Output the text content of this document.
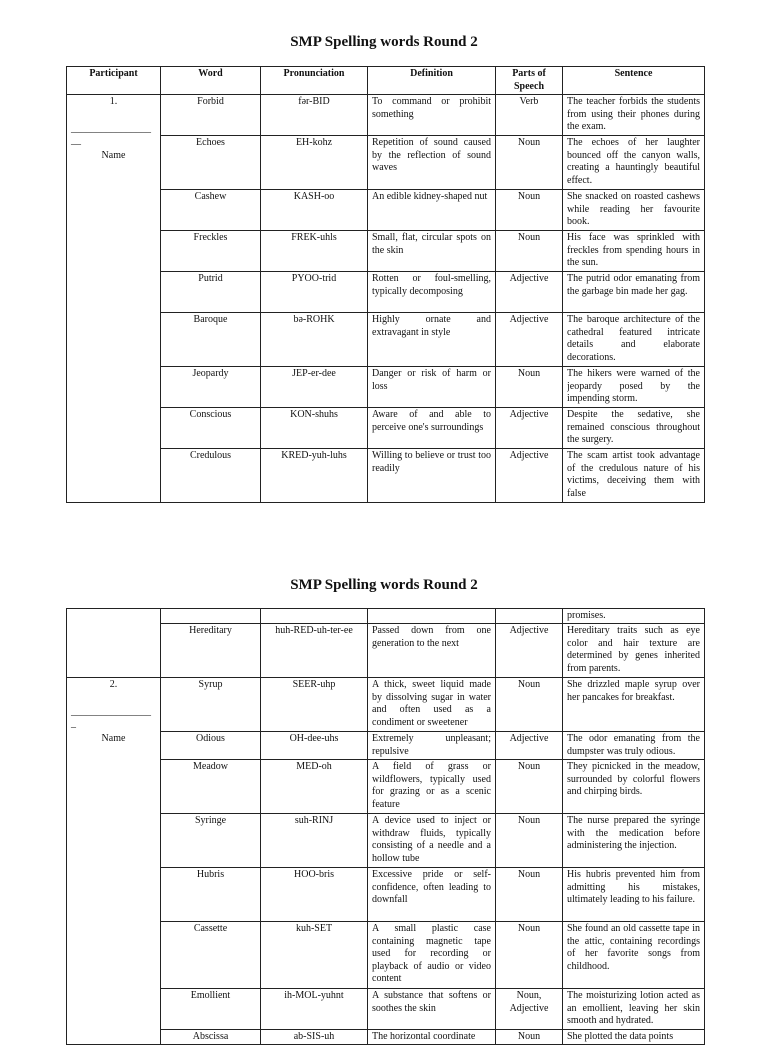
SMP Spelling words Round 2
Participant	Word	Pronunciation	Definition	Parts of Speech	Sentence

1.
________________ __
Name	Forbid	fər-BID	To command or prohibit something	Verb	The teacher forbids the students from using their phones during the exam.

	Echoes	EH-kohz	Repetition of sound caused by the reflection of sound waves	Noun	The echoes of her laughter bounced off the canyon walls, creating a hauntingly beautiful effect.

	Cashew	KASH-oo	An edible kidney-shaped nut	Noun	She snacked on roasted cashews while reading her favourite book.

	Freckles	FREK-uhls	Small, flat, circular spots on the skin	Noun	His face was sprinkled with freckles from spending hours in the sun.

	Putrid	PYOO-trid	Rotten or foul-smelling, typically decomposing	Adjective	The putrid odor emanating from the garbage bin made her gag.

	Baroque	bə-ROHK	Highly ornate and extravagant in style	Adjective	The baroque architecture of the cathedral featured intricate details and elaborate decorations.

	Jeopardy	JEP-er-dee	Danger or risk of harm or loss	Noun	The hikers were warned of the jeopardy posed by the impending storm.

	Conscious	KON-shuhs	Aware of and able to perceive one's surroundings	Adjective	Despite the sedative, she remained conscious throughout the surgery.

	Credulous	KRED-yuh-luhs	Willing to believe or trust too readily	Adjective	The scam artist took advantage of the credulous nature of his victims, deceiving them with false
SMP Spelling words Round 2

					promises.

	Hereditary	huh-RED-uh-ter-ee	Passed down from one generation to the next	Adjective	Hereditary traits such as eye color and hair texture are determined by genes inherited from parents.

2.
________________ _
Name	Syrup	SEER-uhp	A thick, sweet liquid made by dissolving sugar in water and often used as a condiment or sweetener	Noun	She drizzled maple syrup over her pancakes for breakfast.

	Odious	OH-dee-uhs	Extremely unpleasant; repulsive	Adjective	The odor emanating from the dumpster was truly odious.

	Meadow	MED-oh	A field of grass or wildflowers, typically used for grazing or as a scenic feature	Noun	They picnicked in the meadow, surrounded by colorful flowers and chirping birds.

	Syringe	suh-RINJ	A device used to inject or withdraw fluids, typically consisting of a needle and a hollow tube	Noun	The nurse prepared the syringe with the medication before administering the injection.

	Hubris	HOO-bris	Excessive pride or self-confidence, often leading to downfall	Noun	His hubris prevented him from admitting his mistakes, ultimately leading to his failure.

	Cassette	kuh-SET	A small plastic case containing magnetic tape used for recording or playback of audio or video content	Noun	She found an old cassette tape in the attic, containing recordings of her favorite songs from childhood.

	Emollient	ih-MOL-yuhnt	A substance that softens or soothes the skin	Noun, Adjective	The moisturizing lotion acted as an emollient, leaving her skin smooth and hydrated.

	Abscissa	ab-SIS-uh	The horizontal coordinate	Noun	She plotted the data points
